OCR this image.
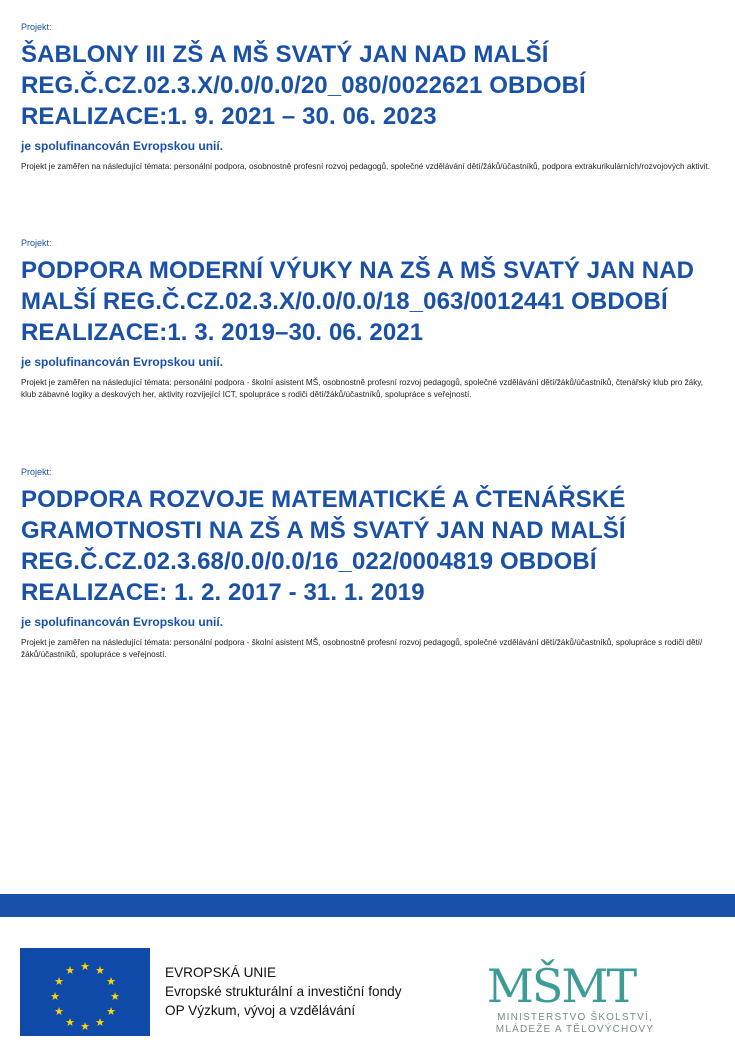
Projekt:
ŠABLONY III ZŠ A MŠ SVATÝ JAN NAD MALŠÍ REG.Č.CZ.02.3.X/0.0/0.0/20_080/0022621 OBDOBÍ REALIZACE:1. 9. 2021 – 30. 06. 2023
je spolufinancován Evropskou unií.
Projekt je zaměřen na následující témata: personální podpora, osobnostně profesní rozvoj pedagogů, společné vzdělávání dětí/žáků/účastníků, podpora extrakurikulárních/rozvojových aktivit.
Projekt:
PODPORA MODERNÍ VÝUKY NA ZŠ A MŠ SVATÝ JAN NAD MALŠÍ REG.Č.CZ.02.3.X/0.0/0.0/18_063/0012441 OBDOBÍ REALIZACE:1. 3. 2019–30. 06. 2021
je spolufinancován Evropskou unií.
Projekt je zaměřen na následující témata: personální podpora - školní asistent MŠ, osobnostně profesní rozvoj pedagogů, společné vzdělávání dětí/žáků/účastníků, čtenářský klub pro žáky, klub zábavné logiky a deskových her, aktivity rozvíjející ICT, spolupráce s rodiči dětí/žáků/účastníků, spolupráce s veřejností.
Projekt:
PODPORA ROZVOJE MATEMATICKÉ A ČTENÁŘSKÉ GRAMOTNOSTI NA ZŠ A MŠ SVATÝ JAN NAD MALŠÍ REG.Č.CZ.02.3.68/0.0/0.0/16_022/0004819 OBDOBÍ REALIZACE: 1. 2. 2017 - 31. 1. 2019
je spolufinancován Evropskou unií.
Projekt je zaměřen na následující témata: personální podpora - školní asistent MŠ, osobnostně profesní rozvoj pedagogů, společné vzdělávání dětí/žáků/účastníků, spolupráce s rodiči dětí/žáků/účastníků, spolupráce s veřejností.
★ ★
★
★
★
★
★
★
★
★
★
★	EVROPSKÁ UNIE
Evropské strukturální a investiční fondy
OP Výzkum, vývoj a vzdělávání	MŠMT
MINISTERSTVO ŠKOLSTVÍ,
MLÁDEŽE A TĚLOVÝCHOVY
